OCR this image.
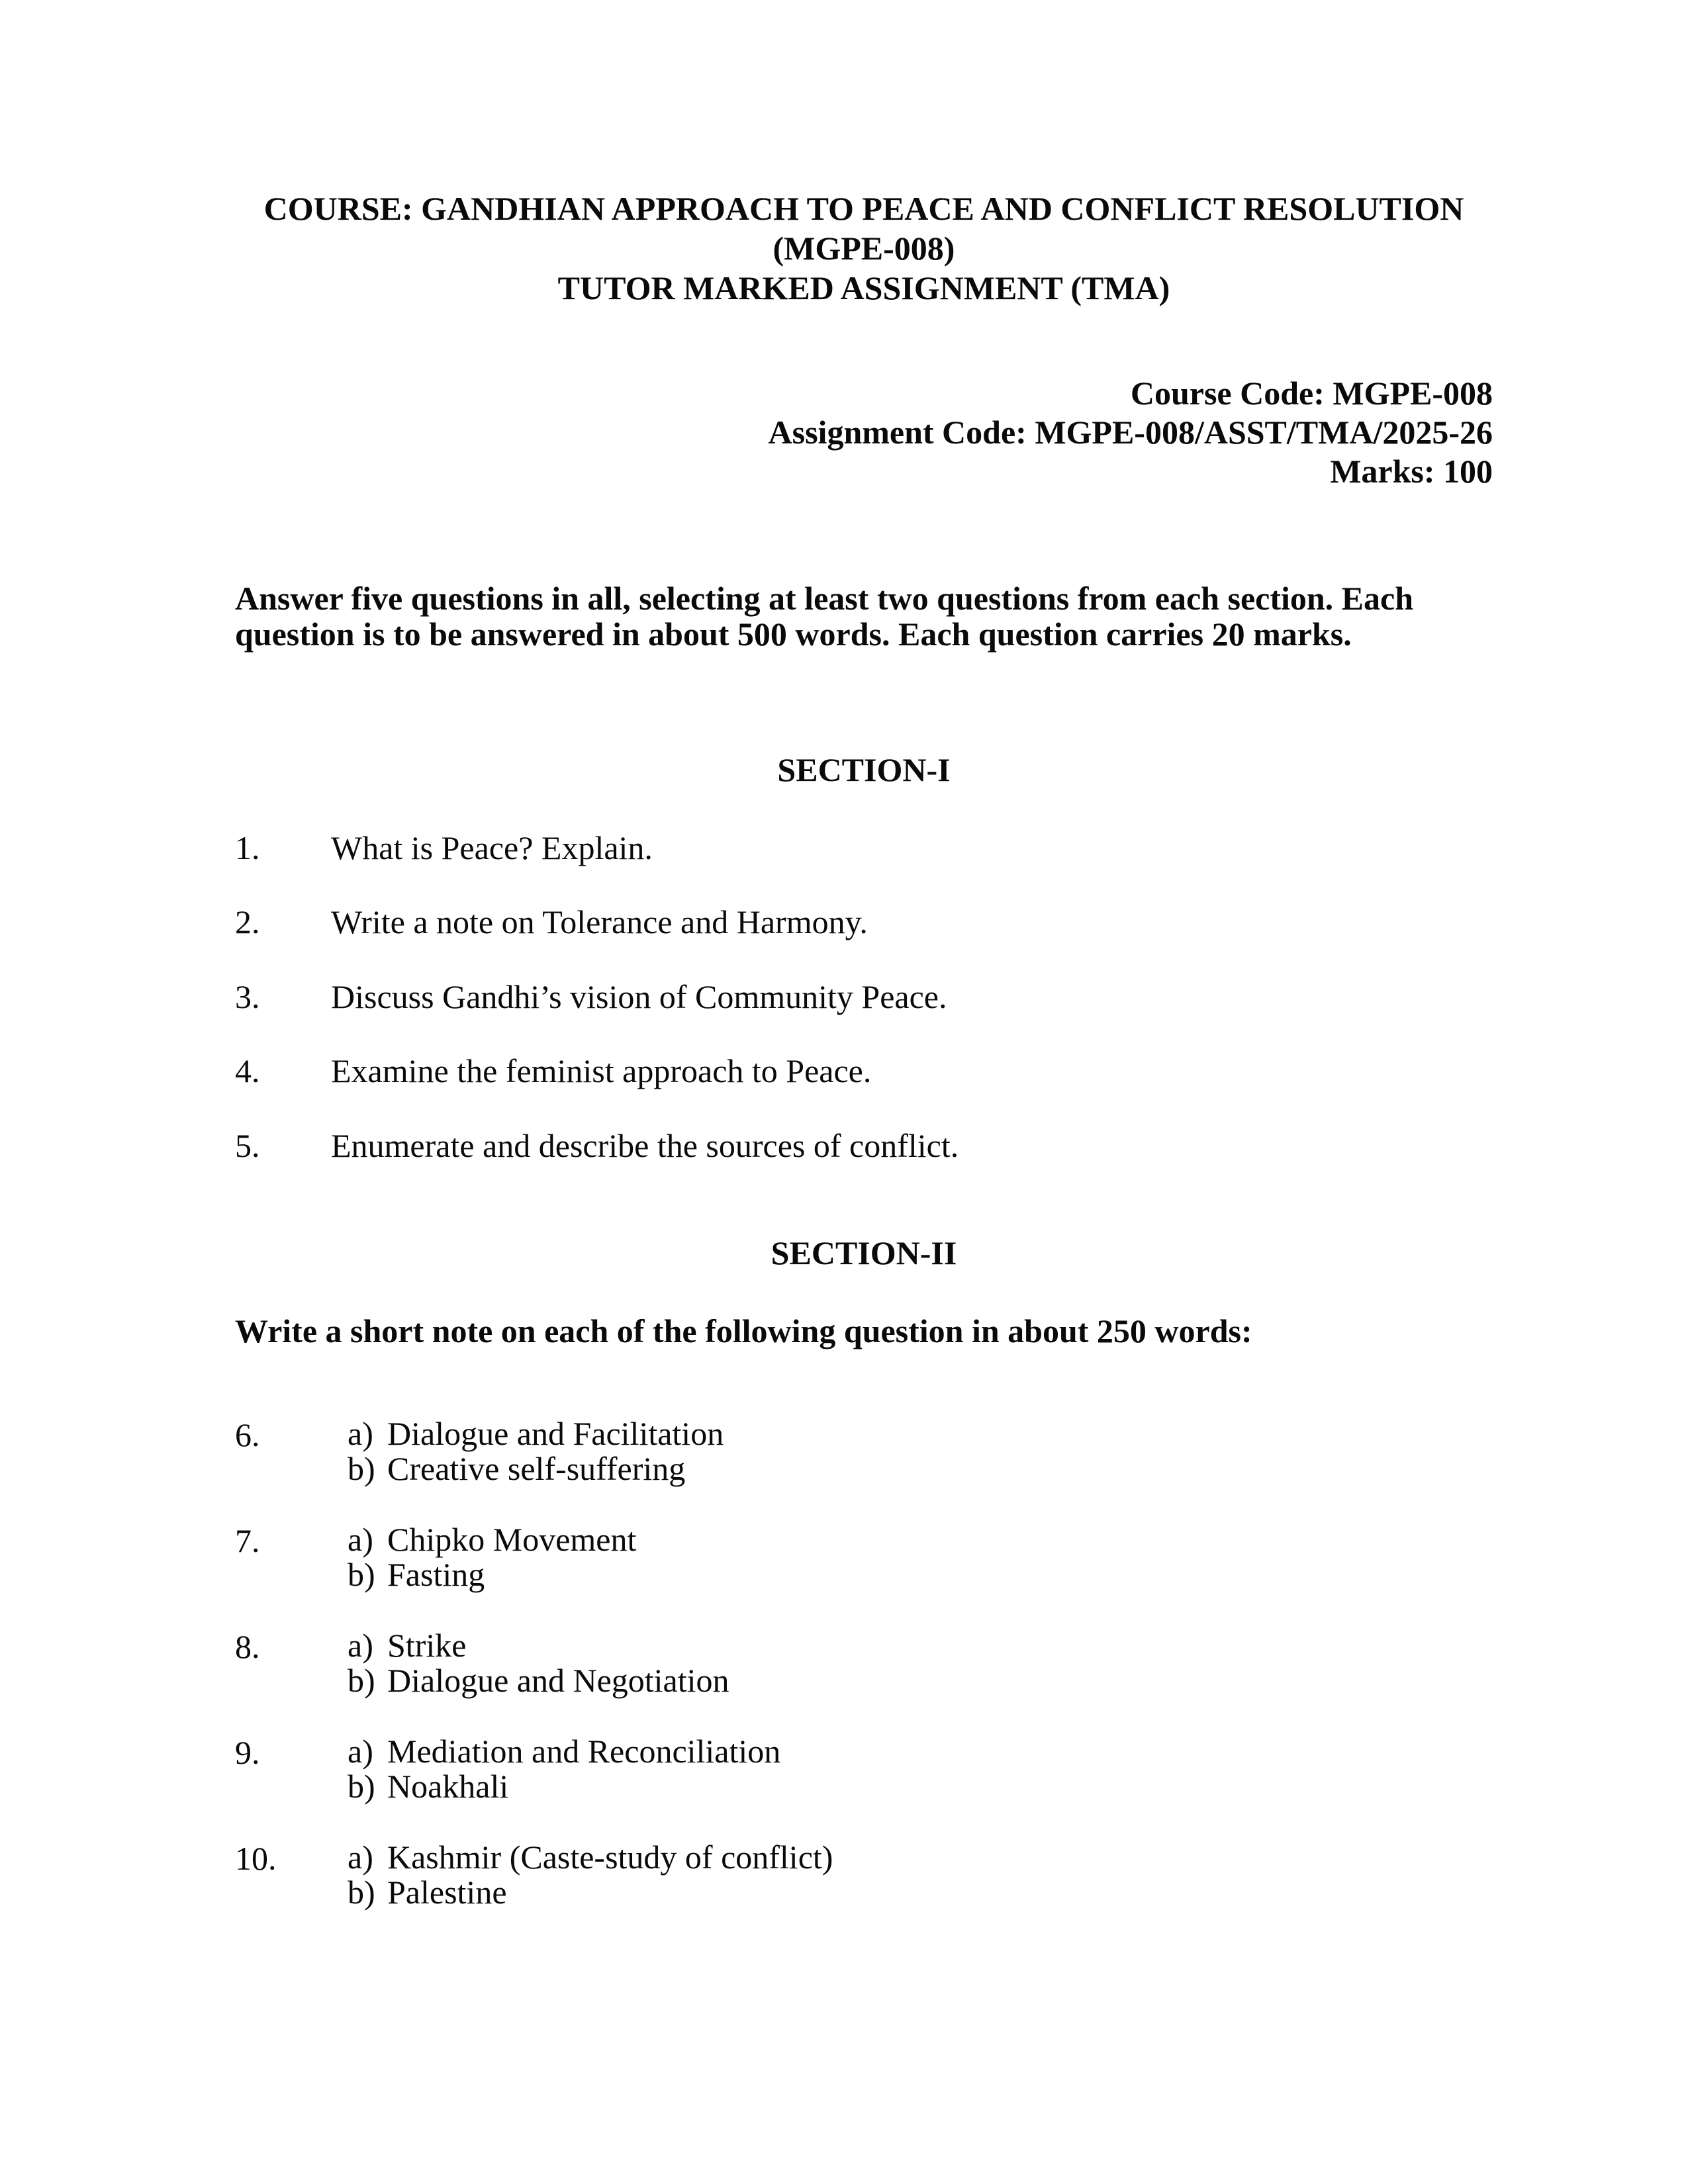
COURSE: GANDHIAN APPROACH TO PEACE AND CONFLICT RESOLUTION (MGPE-008)
TUTOR MARKED ASSIGNMENT (TMA)
Course Code: MGPE-008
Assignment Code: MGPE-008/ASST/TMA/2025-26
Marks: 100

Answer five questions in all, selecting at least two questions from each section. Each question is to be answered in about 500 words. Each question carries 20 marks.

SECTION-I
1.	What is Peace? Explain.
2.	Write a note on Tolerance and Harmony.
3.	Discuss Gandhi’s vision of Community Peace.
4.	Examine the feminist approach to Peace.
5.	Enumerate and describe the sources of conflict.
SECTION-II

Write a short note on each of the following question in about 250 words:

6.	a) Dialogue and Facilitation
b) Creative self-suffering
7.	a) Chipko Movement
b) Fasting
8.	a) Strike
b) Dialogue and Negotiation
9.	a) Mediation and Reconciliation
b) Noakhali
10.	a) Kashmir (Caste-study of conflict)
b) Palestine
